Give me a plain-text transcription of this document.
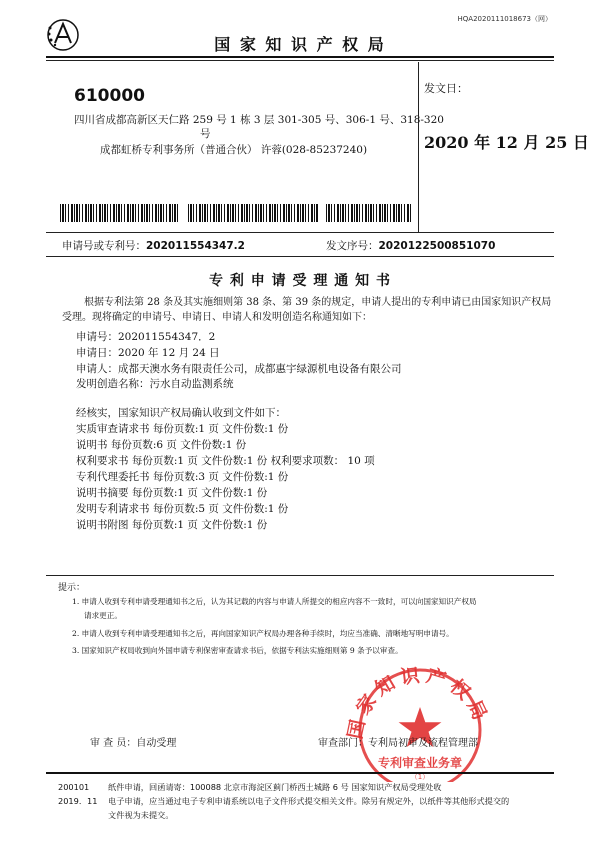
HQA2020111018673（网）
国 家 知 识 产 权 局
610000
四川省成都高新区天仁路 259 号 1 栋 3 层 301-305 号、306-1 号、318-320
号
成都虹桥专利事务所（普通合伙） 许蓉(028-85237240)
发文日：
2020 年 12 月 25 日
申请号或专利号：202011554347.2	发文序号：2020122500851070
专 利 申 请 受 理 通 知 书
根据专利法第 28 条及其实施细则第 38 条、第 39 条的规定，申请人提出的专利申请已由国家知识产权局
受理。现将确定的申请号、申请日、申请人和发明创造名称通知如下：
申请号：202011554347．2
申请日：2020 年 12 月 24 日
申请人：成都天澳水务有限责任公司，成都惠宇绿源机电设备有限公司
发明创造名称：污水自动监测系统
经核实，国家知识产权局确认收到文件如下：
实质审查请求书 每份页数:1 页 文件份数:1 份
说明书 每份页数:6 页 文件份数:1 份
权利要求书 每份页数:1 页 文件份数:1 份 权利要求项数： 10 项
专利代理委托书 每份页数:3 页 文件份数:1 份
说明书摘要 每份页数:1 页 文件份数:1 份
发明专利请求书 每份页数:5 页 文件份数:1 份
说明书附图 每份页数:1 页 文件份数:1 份
提示：
1. 申请人收到专利申请受理通知书之后，认为其记载的内容与申请人所提交的相应内容不一致时，可以向国家知识产权局
请求更正。
2. 申请人收到专利申请受理通知书之后，再向国家知识产权局办理各种手续时，均应当准确、清晰地写明申请号。
3. 国家知识产权局收到向外国申请专利保密审查请求书后，依据专利法实施细则第 9 条予以审查。
国家知识产权局
专利审查业务章
（1）
审 查 员：自动受理	审查部门：专利局初审及流程管理部
200101
2019．11
纸件申请，回函请寄：100088 北京市海淀区蓟门桥西土城路 6 号 国家知识产权局受理处收
电子申请，应当通过电子专利申请系统以电子文件形式提交相关文件。除另有规定外，以纸件等其他形式提交的
文件视为未提交。
